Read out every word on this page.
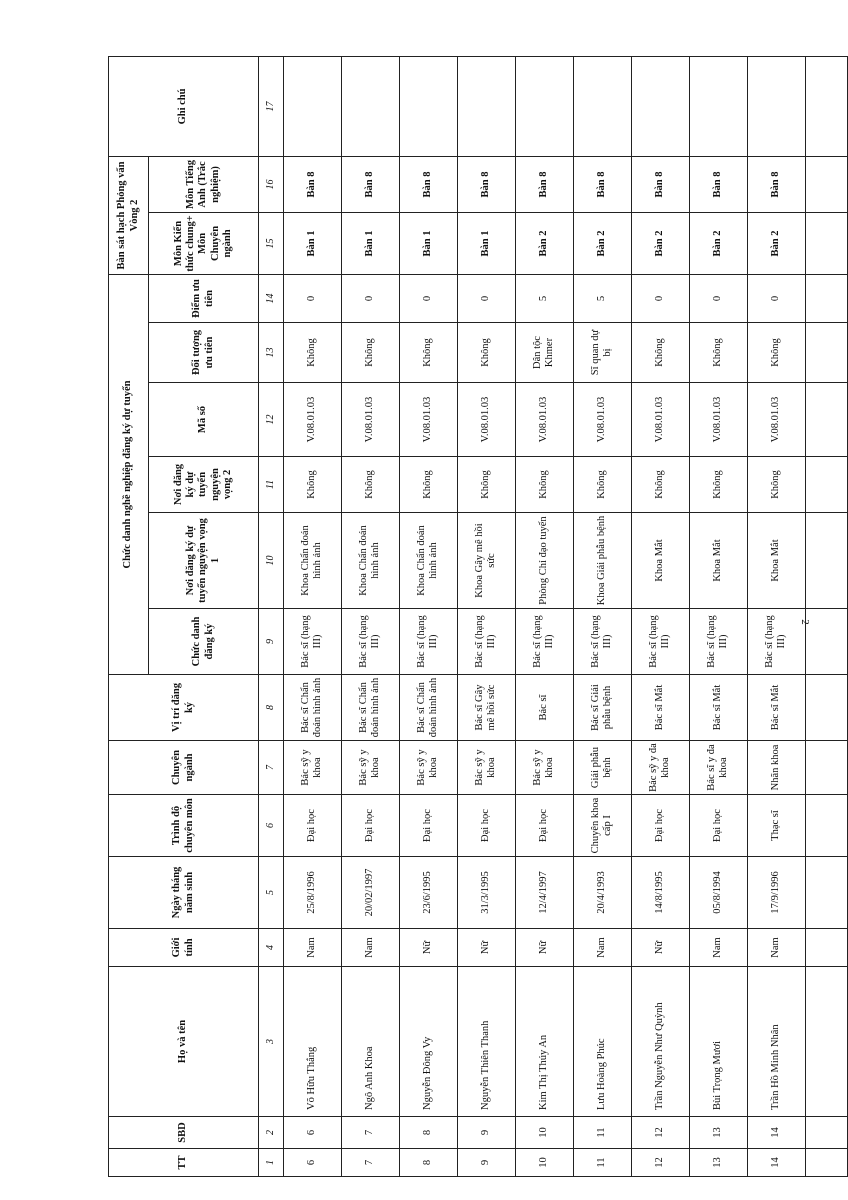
2
TT	SBD	Họ và tên	Giới tính	Ngày tháng năm sinh	Trình độ chuyên môn	Chuyên ngành	Vị trí đăng ký	Chức danh nghề nghiệp đăng ký dự tuyển						Bàn sát hạch Phỏng vấn Vòng 2		Ghi chú
								Chức danh đăng ký	Nơi đăng ký dự tuyển nguyện vọng 1	Nơi đăng ký dự tuyển nguyện vọng 2	Mã số	Đối tượng ưu tiên	Điểm ưu tiên	Môn Kiến thức chung+ Môn Chuyên ngành	Môn Tiếng Anh (Trắc nghiệm)	
1	2	3	4	5	6	7	8	9	10	11	12	13	14	15	16	17
6	6	Võ Hữu Thắng	Nam	25/8/1996	Đại học	Bác sỹ y khoa	Bác sĩ Chẩn đoán hình ảnh	Bác sĩ (hạng III)	Khoa Chẩn đoán hình ảnh	Không	V.08.01.03	Không	0	Bàn 1	Bàn 8	
7	7	Ngô Anh Khoa	Nam	20/02/1997	Đại học	Bác sỹ y khoa	Bác sĩ Chẩn đoán hình ảnh	Bác sĩ (hạng III)	Khoa Chẩn đoán hình ảnh	Không	V.08.01.03	Không	0	Bàn 1	Bàn 8	
8	8	Nguyễn Đông Vy	Nữ	23/6/1995	Đại học	Bác sỹ y khoa	Bác sĩ Chẩn đoán hình ảnh	Bác sĩ (hạng III)	Khoa Chẩn đoán hình ảnh	Không	V.08.01.03	Không	0	Bàn 1	Bàn 8	
9	9	Nguyễn Thiên Thanh	Nữ	31/3/1995	Đại học	Bác sỹ y khoa	Bác sĩ Gây mê hồi sức	Bác sĩ (hạng III)	Khoa Gây mê hồi sức	Không	V.08.01.03	Không	0	Bàn 1	Bàn 8	
10	10	Kim Thị Thúy An	Nữ	12/4/1997	Đại học	Bác sỹ y khoa	Bác sĩ	Bác sĩ (hạng III)	Phòng Chỉ đạo tuyến	Không	V.08.01.03	Dân tộc Khmer	5	Bàn 2	Bàn 8	
11	11	Lưu Hoàng Phúc	Nam	20/4/1993	Chuyên khoa cấp I	Giải phẫu bệnh	Bác sĩ Giải phẫu bệnh	Bác sĩ (hạng III)	Khoa Giải phẫu bệnh	Không	V.08.01.03	Sĩ quan dự bị	5	Bàn 2	Bàn 8	
12	12	Trần Nguyễn Như Quỳnh	Nữ	14/8/1995	Đại học	Bác sỹ y đa khoa	Bác sĩ Mắt	Bác sĩ (hạng III)	Khoa Mắt	Không	V.08.01.03	Không	0	Bàn 2	Bàn 8	
13	13	Bùi Trọng Mươi	Nam	05/8/1994	Đại học	Bác sĩ y đa khoa	Bác sĩ Mắt	Bác sĩ (hạng III)	Khoa Mắt	Không	V.08.01.03	Không	0	Bàn 2	Bàn 8	
14	14	Trần Hồ Minh Nhân	Nam	17/9/1996	Thạc sĩ	Nhãn khoa	Bác sĩ Mắt	Bác sĩ (hạng III)	Khoa Mắt	Không	V.08.01.03	Không	0	Bàn 2	Bàn 8	
